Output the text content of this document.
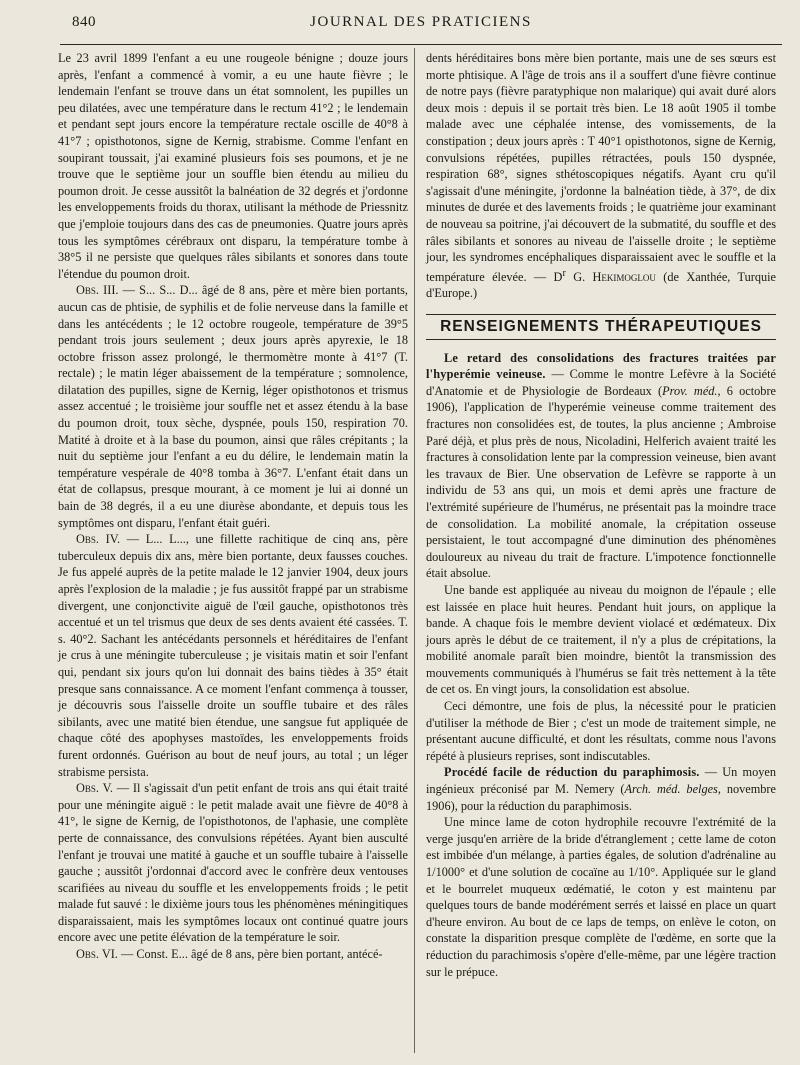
840	JOURNAL DES PRATICIENS

Le 23 avril 1899 l'enfant a eu une rougeole bénigne ; douze jours après, l'enfant a commencé à vomir, a eu une haute fièvre ; le lendemain l'enfant se trouve dans un état somnolent, les pupilles un peu dilatées, avec une température dans le rectum 41°2 ; le lendemain et pendant sept jours encore la température rectale oscille de 40°8 à 41°7 ; opisthotonos, signe de Kernig, strabisme. Comme l'enfant en soupirant toussait, j'ai examiné plusieurs fois ses poumons, et je ne trouve que le septième jour un souffle bien étendu au milieu du poumon droit. Je cesse aussitôt la balnéation de 32 degrés et j'ordonne les enveloppements froids du thorax, utilisant la méthode de Priessnitz que j'emploie toujours dans des cas de pneumonies. Quatre jours après tous les symptômes cérébraux ont disparu, la température tombe à 38°5 il ne persiste que quelques râles sibilants et sonores dans toute l'étendue du poumon droit.

Obs. III. — S... S... D... âgé de 8 ans, père et mère bien portants, aucun cas de phtisie, de syphilis et de folie nerveuse dans la famille et dans les antécédents ; le 12 octobre rougeole, température de 39°5 pendant trois jours seulement ; deux jours après apyrexie, le 18 octobre frisson assez prolongé, le thermomètre monte à 41°7 (T. rectale) ; le matin léger abaissement de la température ; somnolence, dilatation des pupilles, signe de Kernig, léger opisthotonos et trismus assez accentué ; le troisième jour souffle net et assez étendu à la base du poumon droit, toux sèche, dyspnée, pouls 150, respiration 70. Matité à droite et à la base du poumon, ainsi que râles crépitants ; la nuit du septième jour l'enfant a eu du délire, le lendemain matin la température vespérale de 40°8 tomba à 36°7. L'enfant était dans un état de collapsus, presque mourant, à ce moment je lui ai donné un bain de 38 degrés, il a eu une diurèse abondante, et depuis tous les symptômes ont disparu, l'enfant était guéri.

Obs. IV. — L... L..., une fillette rachitique de cinq ans, père tuberculeux depuis dix ans, mère bien portante, deux fausses couches. Je fus appelé auprès de la petite malade le 12 janvier 1904, deux jours après l'explosion de la maladie ; je fus aussitôt frappé par un strabisme divergent, une conjonctivite aiguë de l'œil gauche, opisthotonos très accentué et un tel trismus que deux de ses dents avaient été cassées. T. s. 40°2. Sachant les antécédants personnels et héréditaires de l'enfant je crus à une méningite tuberculeuse ; je visitais matin et soir l'enfant qui, pendant six jours qu'on lui donnait des bains tièdes à 35° était presque sans connaissance. A ce moment l'enfant commença à tousser, je découvris sous l'aisselle droite un souffle tubaire et des râles sibilants, avec une matité bien étendue, une sangsue fut appliquée de chaque côté des apophyses mastoïdes, les enveloppements froids furent ordonnés. Guérison au bout de neuf jours, au total ; un léger strabisme persista.

Obs. V. — Il s'agissait d'un petit enfant de trois ans qui était traité pour une méningite aiguë : le petit malade avait une fièvre de 40°8 à 41°, le signe de Kernig, de l'opisthotonos, de l'aphasie, une complète perte de connaissance, des convulsions répétées. Ayant bien ausculté l'enfant je trouvai une matité à gauche et un souffle tubaire à l'aisselle gauche ; aussitôt j'ordonnai d'accord avec le confrère deux ventouses scarifiées au niveau du souffle et les enveloppements froids ; le petit malade fut sauvé : le dixième jours tous les phénomènes méningitiques disparaissaient, mais les symptômes locaux ont continué quatre jours encore avec une petite élévation de la température le soir.

Obs. VI. — Const. E... âgé de 8 ans, père bien portant, antécé-

dents héréditaires bons mère bien portante, mais une de ses sœurs est morte phtisique. A l'âge de trois ans il a souffert d'une fièvre continue de notre pays (fièvre paratyphique non malarique) qui avait duré alors deux mois : depuis il se portait très bien. Le 18 août 1905 il tombe malade avec une céphalée intense, des vomissements, de la constipation ; deux jours après : T 40°1 opisthotonos, signe de Kernig, convulsions répétées, pupilles rétractées, pouls 150 dyspnée, respiration 68°, signes sthétoscopiques négatifs. Ayant cru qu'il s'agissait d'une méningite, j'ordonne la balnéation tiède, à 37°, de dix minutes de durée et des lavements froids ; le quatrième jour examinant de nouveau sa poitrine, j'ai découvert de la submatité, du souffle et des râles sibilants et sonores au niveau de l'aisselle droite ; le septième jour, les syndromes encéphaliques disparaissaient avec le souffle et la température élevée. — $D^r$ G. Hekimoglou (de Xanthée, Turquie d'Europe.)

RENSEIGNEMENTS THÉRAPEUTIQUES

Le retard des consolidations des fractures traitées par l'hyperémie veineuse. — Comme le montre Lefèvre à la Société d'Anatomie et de Physiologie de Bordeaux (Prov. méd., 6 octobre 1906), l'application de l'hyperémie veineuse comme traitement des fractures non consolidées est, de toutes, la plus ancienne ; Ambroise Paré déjà, et plus près de nous, Nicoladini, Helferich avaient traité les fractures à consolidation lente par la compression veineuse, bien avant les travaux de Bier. Une observation de Lefèvre se rapporte à un individu de 53 ans qui, un mois et demi après une fracture de l'extrémité supérieure de l'humérus, ne présentait pas la moindre trace de consolidation. La mobilité anomale, la crépitation osseuse persistaient, le tout accompagné d'une diminution des phénomènes douloureux au niveau du trait de fracture. L'impotence fonctionnelle était absolue.

Une bande est appliquée au niveau du moignon de l'épaule ; elle est laissée en place huit heures. Pendant huit jours, on applique la bande. A chaque fois le membre devient violacé et œdémateux. Dix jours après le début de ce traitement, il n'y a plus de crépitations, la mobilité anomale paraît bien moindre, bientôt la transmission des mouvements communiqués à l'humérus se fait très nettement à la tête de cet os. En vingt jours, la consolidation est absolue.

Ceci démontre, une fois de plus, la nécessité pour le praticien d'utiliser la méthode de Bier ; c'est un mode de traitement simple, ne présentant aucune difficulté, et dont les résultats, comme nous l'avons répété à plusieurs reprises, sont indiscutables.

Procédé facile de réduction du paraphimosis. — Un moyen ingénieux préconisé par M. Nemery (Arch. méd. belges, novembre 1906), pour la réduction du paraphimosis.

Une mince lame de coton hydrophile recouvre l'extrémité de la verge jusqu'en arrière de la bride d'étranglement ; cette lame de coton est imbibée d'un mélange, à parties égales, de solution d'adrénaline au 1/1000° et d'une solution de cocaïne au 1/10°. Appliquée sur le gland et le bourrelet muqueux œdématié, le coton y est maintenu par quelques tours de bande modérément serrés et laissé en place un quart d'heure environ. Au bout de ce laps de temps, on enlève le coton, on constate la disparition presque complète de l'œdème, en sorte que la réduction du parachimosis s'opère d'elle-même, par une légère traction sur le prépuce.
